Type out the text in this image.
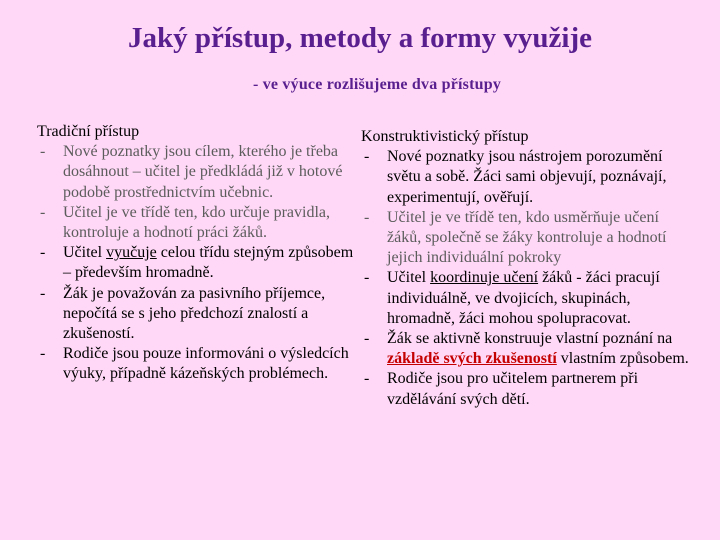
Jaký přístup, metody a formy využije
- ve výuce rozlišujeme dva přístupy
Tradiční přístup
- Nové poznatky jsou cílem, kterého je třeba dosáhnout – učitel je předkládá již v hotové podobě prostřednictvím učebnic.
- Učitel je ve třídě ten, kdo určuje pravidla, kontroluje a hodnotí práci žáků.
- Učitel vyučuje celou třídu stejným způsobem – především hromadně.
- Žák je považován za pasivního příjemce, nepočítá se s jeho předchozí znalostí a zkušeností.
- Rodiče jsou pouze informováni o výsledcích výuky, případně kázeňských problémech.
Konstruktivistický přístup
- Nové poznatky jsou nástrojem porozumění světu a sobě. Žáci sami objevují, poznávají, experimentují, ověřují.
- Učitel je ve třídě ten, kdo usměrňuje učení žáků, společně se žáky kontroluje a hodnotí jejich individuální pokroky
- Učitel koordinuje učení žáků - žáci pracují individuálně, ve dvojicích, skupinách, hromadně, žáci mohou spolupracovat.
- Žák se aktivně konstruuje vlastní poznání na základě svých zkušeností vlastním způsobem.
- Rodiče jsou pro učitelem partnerem při vzdělávání svých dětí.
